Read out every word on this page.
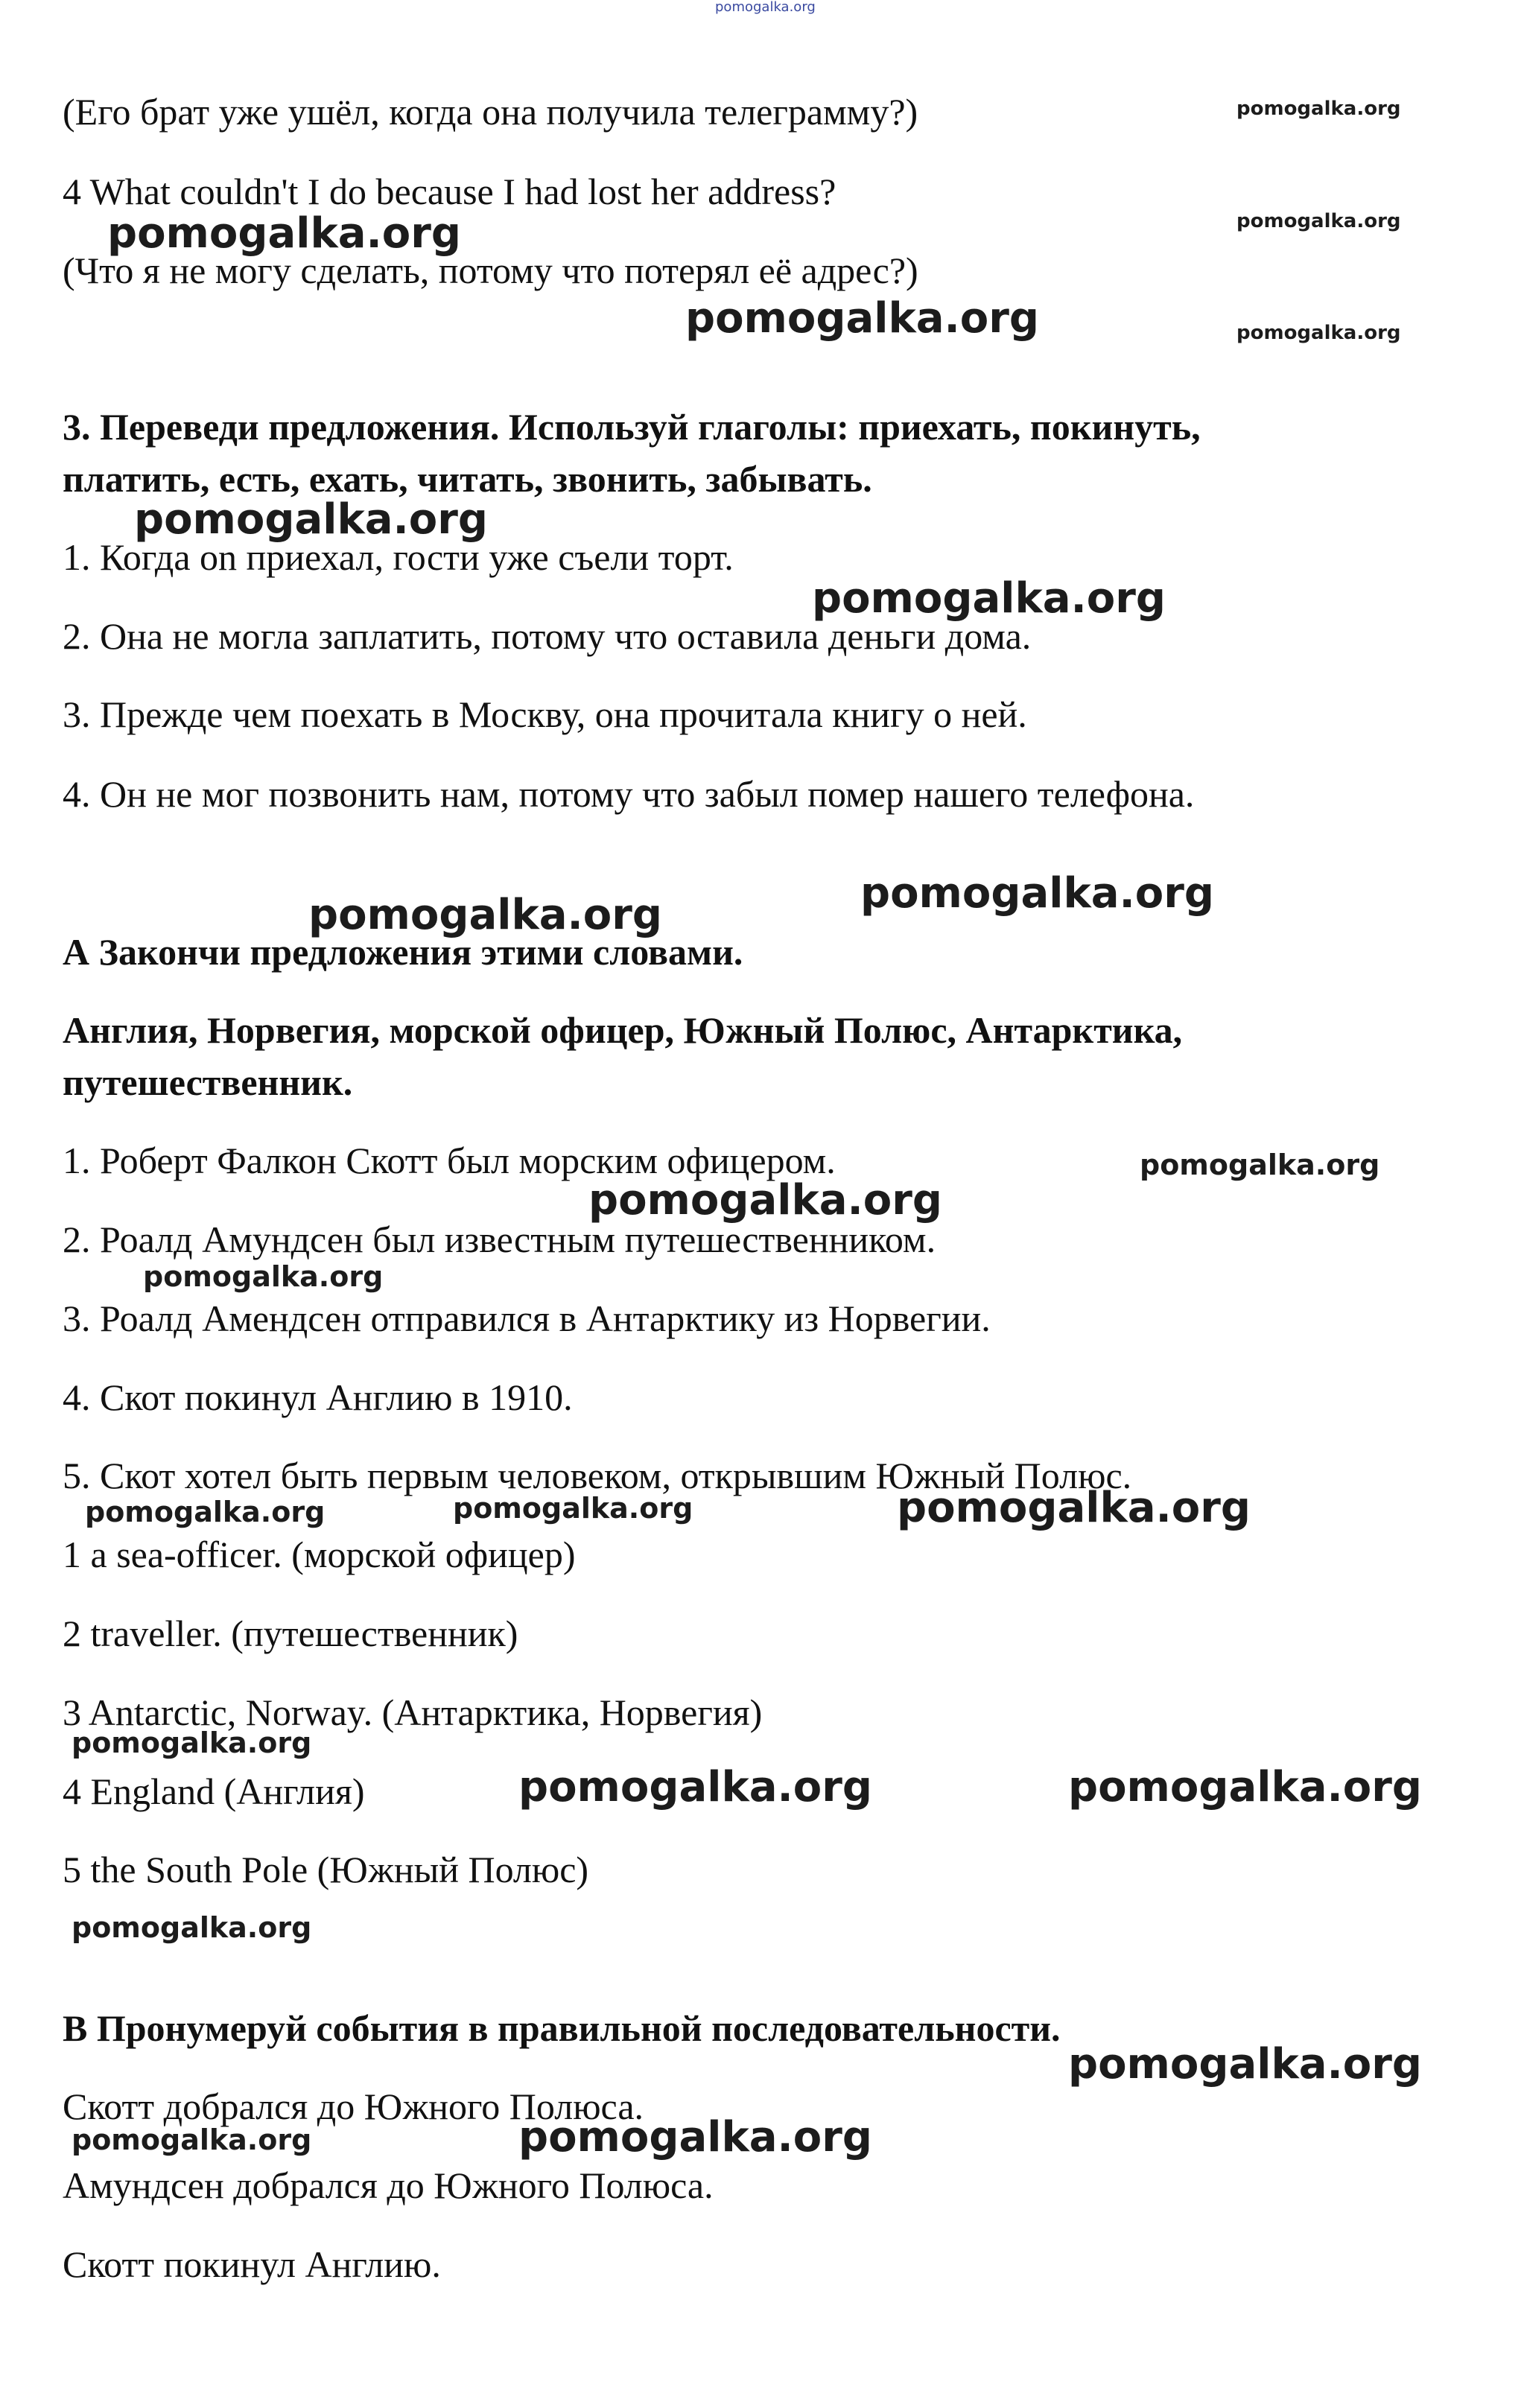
pomogalka.org
(Его брат уже ушёл, когда она получила телеграмму?)
4 What couldn't I do because I had lost her address?
(Что я не могу сделать, потому что потерял её адрес?)
3. Переведи предложения. Используй глаголы: приехать, покинуть,
платить, есть, ехать, читать, звонить, забывать.
1. Когда on приехал, гости уже съели торт.
2. Она не могла заплатить, потому что оставила деньги дома.
3. Прежде чем поехать в Москву, она прочитала книгу о ней.
4. Он не мог позвонить нам, потому что забыл помер нашего телефона.
А Закончи предложения этими словами.
Англия, Норвегия, морской офицер, Южный Полюс, Антарктика,
путешественник.
1. Роберт Фалкон Скотт был морским офицером.
2. Роалд Амундсен был известным путешественником.
3. Роалд Амендсен отправился в Антарктику из Норвегии.
4. Скот покинул Англию в 1910.
5. Скот хотел быть первым человеком, открывшим Южный Полюс.
1 a sea-officer. (морской офицер)
2 traveller. (путешественник)
3 Antarctic, Norway. (Антарктика, Норвегия)
4 England (Англия)
5 the South Pole (Южный Полюс)
В Пронумеруй события в правильной последовательности.
Скотт добрался до Южного Полюса.
Амундсен добрался до Южного Полюса.
Скотт покинул Англию.
pomogalka.org
pomogalka.org
pomogalka.org
pomogalka.org
pomogalka.org
pomogalka.org
pomogalka.org
pomogalka.org
pomogalka.org
pomogalka.org
pomogalka.org
pomogalka.org
pomogalka.org	pomogalka.org	pomogalka.org
pomogalka.org
pomogalka.org	pomogalka.org
pomogalka.org
pomogalka.org
pomogalka.org	pomogalka.org
